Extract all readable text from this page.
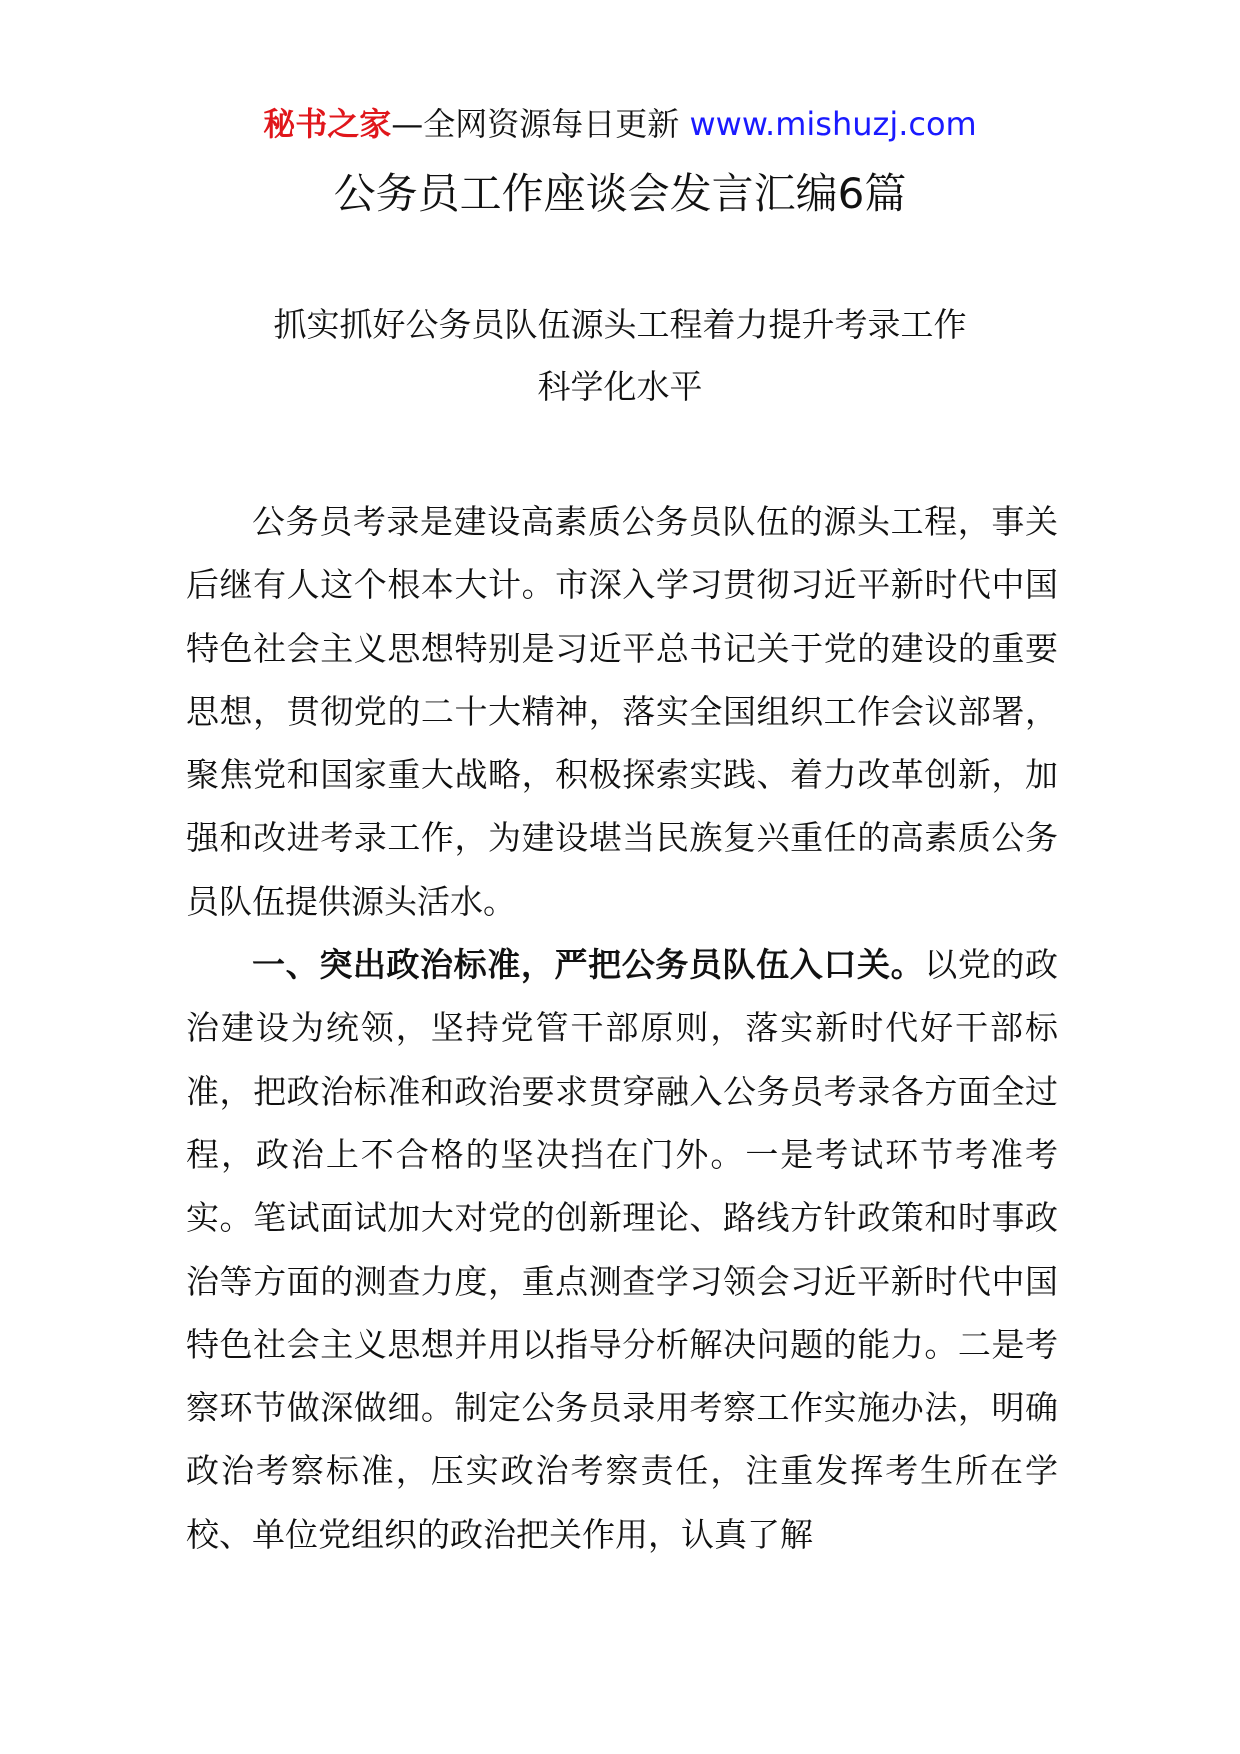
秘书之家—全网资源每日更新 www.mishuzj.com
公务员工作座谈会发言汇编6篇
抓实抓好公务员队伍源头工程着力提升考录工作
科学化水平

公务员考录是建设高素质公务员队伍的源头工程，事关后继有人这个根本大计。市深入学习贯彻习近平新时代中国特色社会主义思想特别是习近平总书记关于党的建设的重要思想，贯彻党的二十大精神，落实全国组织工作会议部署，聚焦党和国家重大战略，积极探索实践、着力改革创新，加强和改进考录工作，为建设堪当民族复兴重任的高素质公务员队伍提供源头活水。

一、突出政治标准，严把公务员队伍入口关。以党的政治建设为统领，坚持党管干部原则，落实新时代好干部标准，把政治标准和政治要求贯穿融入公务员考录各方面全过程，政治上不合格的坚决挡在门外。一是考试环节考准考实。笔试面试加大对党的创新理论、路线方针政策和时事政治等方面的测查力度，重点测查学习领会习近平新时代中国特色社会主义思想并用以指导分析解决问题的能力。二是考察环节做深做细。制定公务员录用考察工作实施办法，明确政治考察标准，压实政治考察责任，注重发挥考生所在学校、单位党组织的政治把关作用，认真了解
